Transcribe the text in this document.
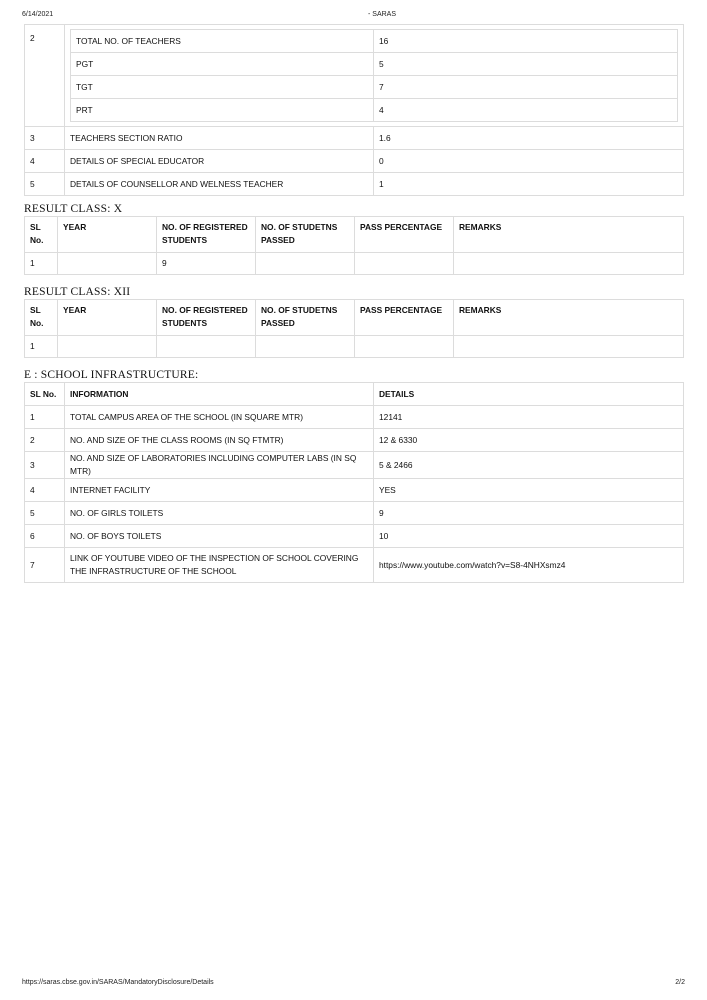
6/14/2021	- SARAS
2		TOTAL NO. OF TEACHERS	16
PGT	5
TGT	7
PRT	4

3	TEACHERS SECTION RATIO	1.6
4	DETAILS OF SPECIAL EDUCATOR	0
5	DETAILS OF COUNSELLOR AND WELNESS TEACHER	1
RESULT CLASS: X
SL No.	YEAR	NO. OF REGISTERED STUDENTS	NO. OF STUDETNS PASSED	PASS PERCENTAGE	REMARKS
1		9			
RESULT CLASS: XII
SL No.	YEAR	NO. OF REGISTERED STUDENTS	NO. OF STUDETNS PASSED	PASS PERCENTAGE	REMARKS
1					
E : SCHOOL INFRASTRUCTURE:
SL No.	INFORMATION	DETAILS
1	TOTAL CAMPUS AREA OF THE SCHOOL (IN SQUARE MTR)	12141
2	NO. AND SIZE OF THE CLASS ROOMS (IN SQ FTMTR)	12 & 6330
3	NO. AND SIZE OF LABORATORIES INCLUDING COMPUTER LABS (IN SQ MTR)	5 & 2466
4	INTERNET FACILITY	YES
5	NO. OF GIRLS TOILETS	9
6	NO. OF BOYS TOILETS	10
7	LINK OF YOUTUBE VIDEO OF THE INSPECTION OF SCHOOL COVERING THE INFRASTRUCTURE OF THE SCHOOL	https://www.youtube.com/watch?v=S8-4NHXsmz4
https://saras.cbse.gov.in/SARAS/MandatoryDisclosure/Details	2/2
